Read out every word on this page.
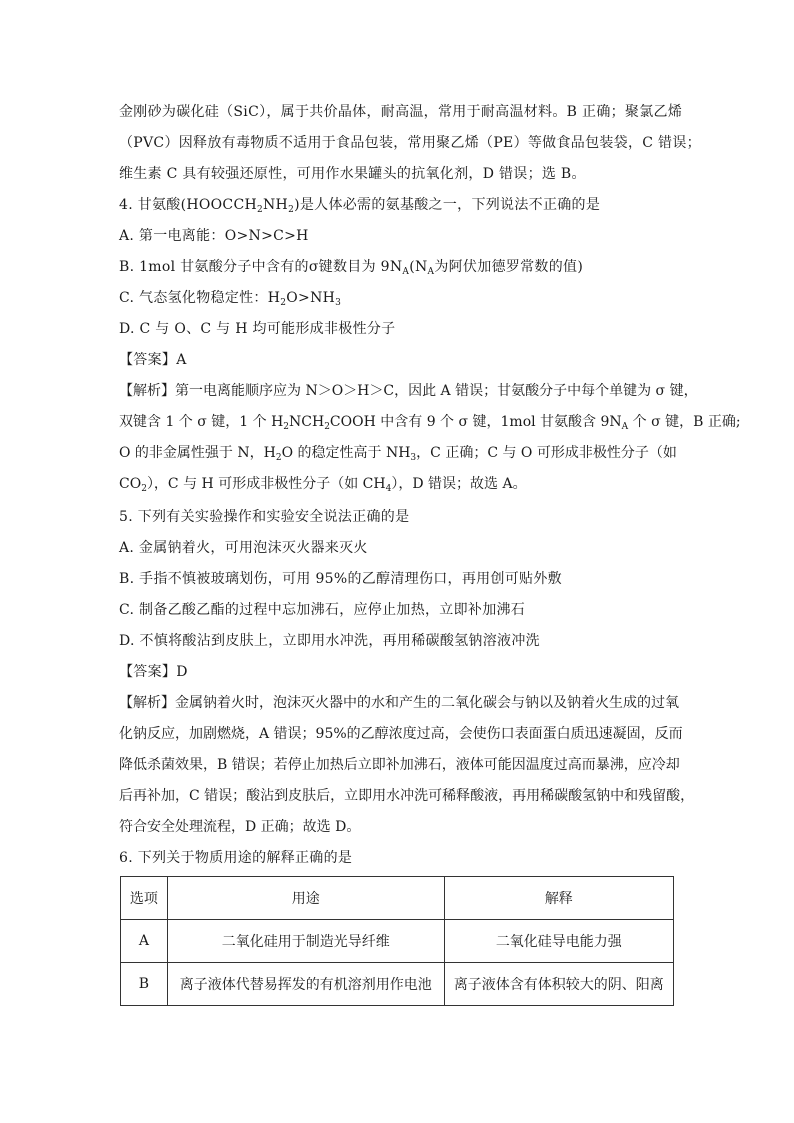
金刚砂为碳化硅（SiC），属于共价晶体，耐高温，常用于耐高温材料。B 正确；聚氯乙烯
（PVC）因释放有毒物质不适用于食品包装，常用聚乙烯（PE）等做食品包装袋，C 错误；
维生素 C 具有较强还原性，可用作水果罐头的抗氧化剂，D 错误；选 B。
4. 甘氨酸$(HOOCCH_2NH_2)$是人体必需的氨基酸之一，下列说法不正确的是
A. 第一电离能：O>N>C>H
B. 1mol 甘氨酸分子中含有的σ键数目为 $9N_A(N_A$为阿伏加德罗常数的值)
C. 气态氢化物稳定性：$H_2O>NH_3$
D. C 与 O、C 与 H 均可能形成非极性分子
【答案】A
【解析】第一电离能顺序应为 N＞O＞H＞C，因此 A 错误；甘氨酸分子中每个单键为 σ 键，
双键含 1 个 σ 键，1 个 $H_2NCH_2COOH$ 中含有 9 个 σ 键，1mol 甘氨酸含 $9N_A$ 个 σ 键，B 正确;
O 的非金属性强于 N，$H_2O$ 的稳定性高于 $NH_3$，C 正确；C 与 O 可形成非极性分子（如
$CO_2$），C 与 H 可形成非极性分子（如 $CH_4$），D 错误；故选 A。
5. 下列有关实验操作和实验安全说法正确的是
A. 金属钠着火，可用泡沫灭火器来灭火
B. 手指不慎被玻璃划伤，可用 95%的乙醇清理伤口，再用创可贴外敷
C. 制备乙酸乙酯的过程中忘加沸石，应停止加热，立即补加沸石
D. 不慎将酸沾到皮肤上，立即用水冲洗，再用稀碳酸氢钠溶液冲洗
【答案】D
【解析】金属钠着火时，泡沫灭火器中的水和产生的二氧化碳会与钠以及钠着火生成的过氧
化钠反应，加剧燃烧，A 错误；95%的乙醇浓度过高，会使伤口表面蛋白质迅速凝固，反而
降低杀菌效果，B 错误；若停止加热后立即补加沸石，液体可能因温度过高而暴沸，应冷却
后再补加，C 错误；酸沾到皮肤后，立即用水冲洗可稀释酸液，再用稀碳酸氢钠中和残留酸，
符合安全处理流程，D 正确；故选 D。
6. 下列关于物质用途的解释正确的是
选项	用途	解释
A	二氧化硅用于制造光导纤维	二氧化硅导电能力强
B	离子液体代替易挥发的有机溶剂用作电池	离子液体含有体积较大的阴、阳离
